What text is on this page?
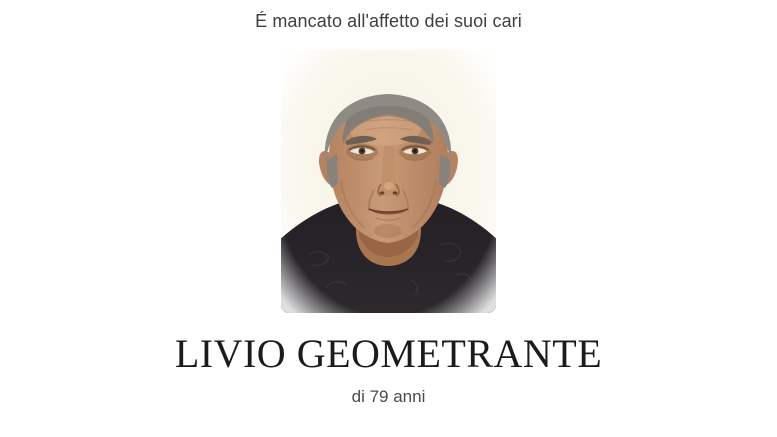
É mancato all'affetto dei suoi cari
LIVIO GEOMETRANTE
di 79 anni
